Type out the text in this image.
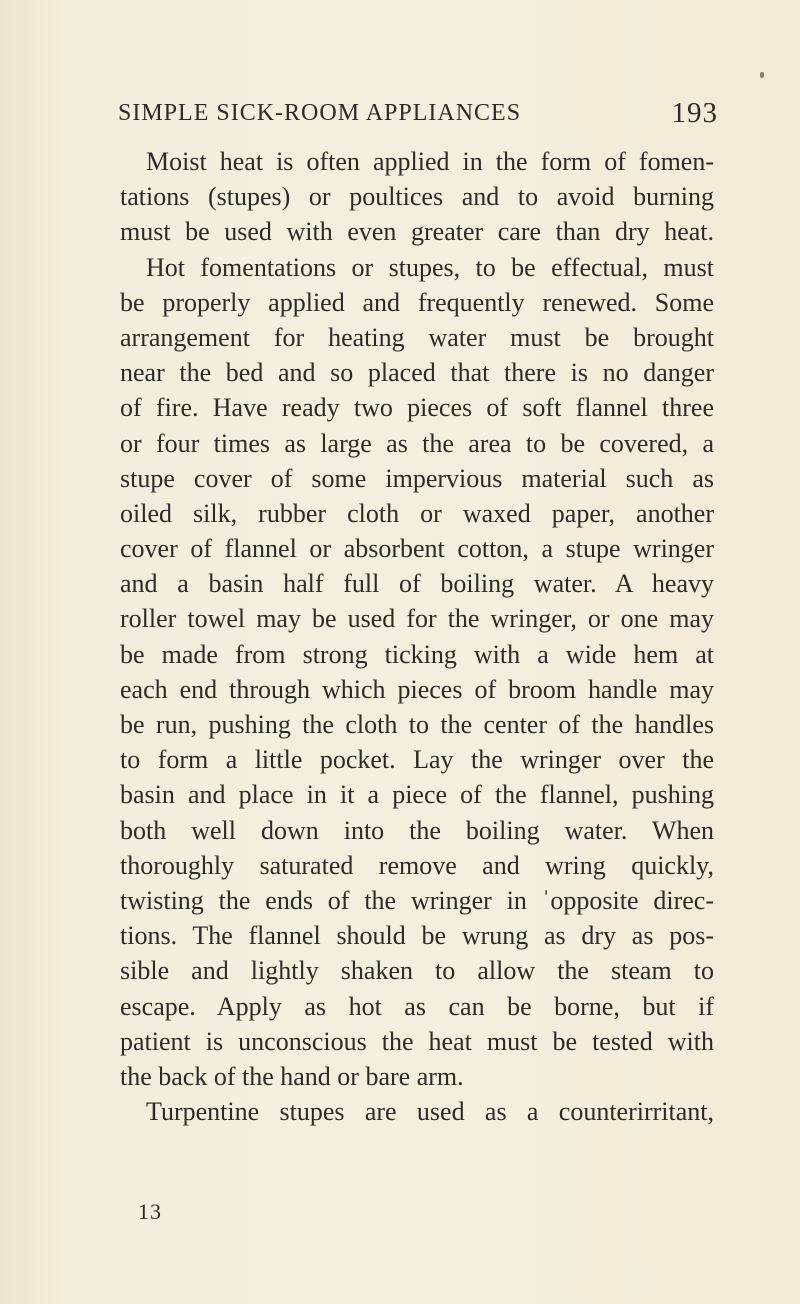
SIMPLE SICK-ROOM APPLIANCES	193
Moist heat is often applied in the form of fomen-
tations (stupes) or poultices and to avoid burning
must be used with even greater care than dry heat.
Hot fomentations or stupes, to be effectual, must
be properly applied and frequently renewed. Some
arrangement for heating water must be brought
near the bed and so placed that there is no danger
of fire. Have ready two pieces of soft flannel three
or four times as large as the area to be covered, a
stupe cover of some impervious material such as
oiled silk, rubber cloth or waxed paper, another
cover of flannel or absorbent cotton, a stupe wringer
and a basin half full of boiling water. A heavy
roller towel may be used for the wringer, or one may
be made from strong ticking with a wide hem at
each end through which pieces of broom handle may
be run, pushing the cloth to the center of the handles
to form a little pocket. Lay the wringer over the
basin and place in it a piece of the flannel, pushing
both well down into the boiling water. When
thoroughly saturated remove and wring quickly,
twisting the ends of the wringer in ˈopposite direc-
tions. The flannel should be wrung as dry as pos-
sible and lightly shaken to allow the steam to
escape. Apply as hot as can be borne, but if
patient is unconscious the heat must be tested with
the back of the hand or bare arm.
Turpentine stupes are used as a counterirritant,
13
